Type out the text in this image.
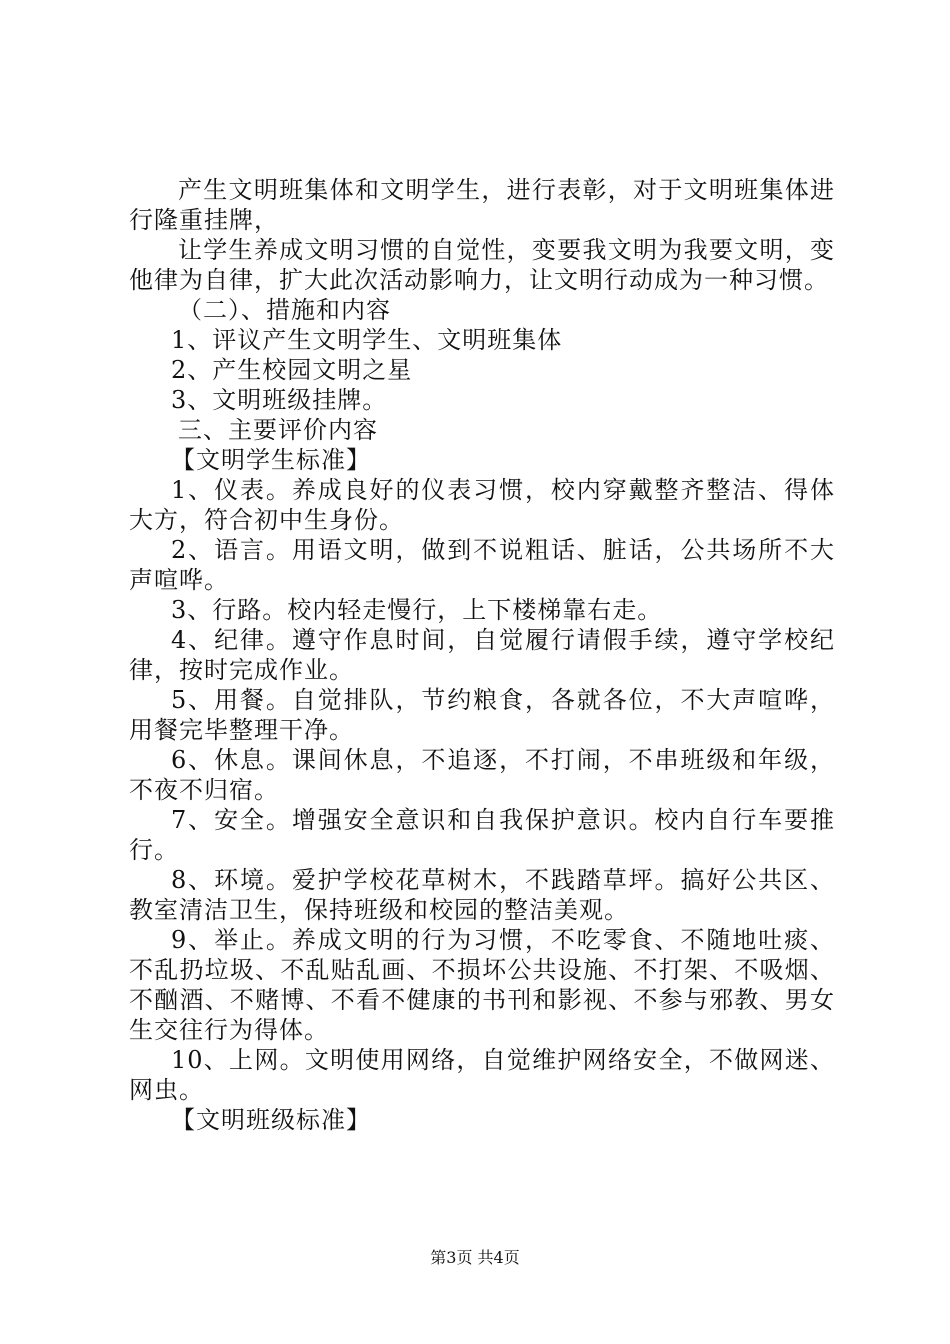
产生文明班集体和文明学生，进行表彰，对于文明班集体进行隆重挂牌，

让学生养成文明习惯的自觉性，变要我文明为我要文明，变他律为自律，扩大此次活动影响力，让文明行动成为一种习惯。

（二）、措施和内容

1、评议产生文明学生、文明班集体

2、产生校园文明之星

3、文明班级挂牌。

三、主要评价内容

【文明学生标准】

1、仪表。养成良好的仪表习惯，校内穿戴整齐整洁、得体大方，符合初中生身份。

2、语言。用语文明，做到不说粗话、脏话，公共场所不大声喧哗。

3、行路。校内轻走慢行，上下楼梯靠右走。

4、纪律。遵守作息时间，自觉履行请假手续，遵守学校纪律，按时完成作业。

5、用餐。自觉排队，节约粮食，各就各位，不大声喧哗，用餐完毕整理干净。

6、休息。课间休息，不追逐，不打闹，不串班级和年级，不夜不归宿。

7、安全。增强安全意识和自我保护意识。校内自行车要推行。

8、环境。爱护学校花草树木，不践踏草坪。搞好公共区、教室清洁卫生，保持班级和校园的整洁美观。

9、举止。养成文明的行为习惯，不吃零食、不随地吐痰、不乱扔垃圾、不乱贴乱画、不损坏公共设施、不打架、不吸烟、不酗酒、不赌博、不看不健康的书刊和影视、不参与邪教、男女生交往行为得体。

10、上网。文明使用网络，自觉维护网络安全，不做网迷、网虫。

【文明班级标准】

第3页 共4页
